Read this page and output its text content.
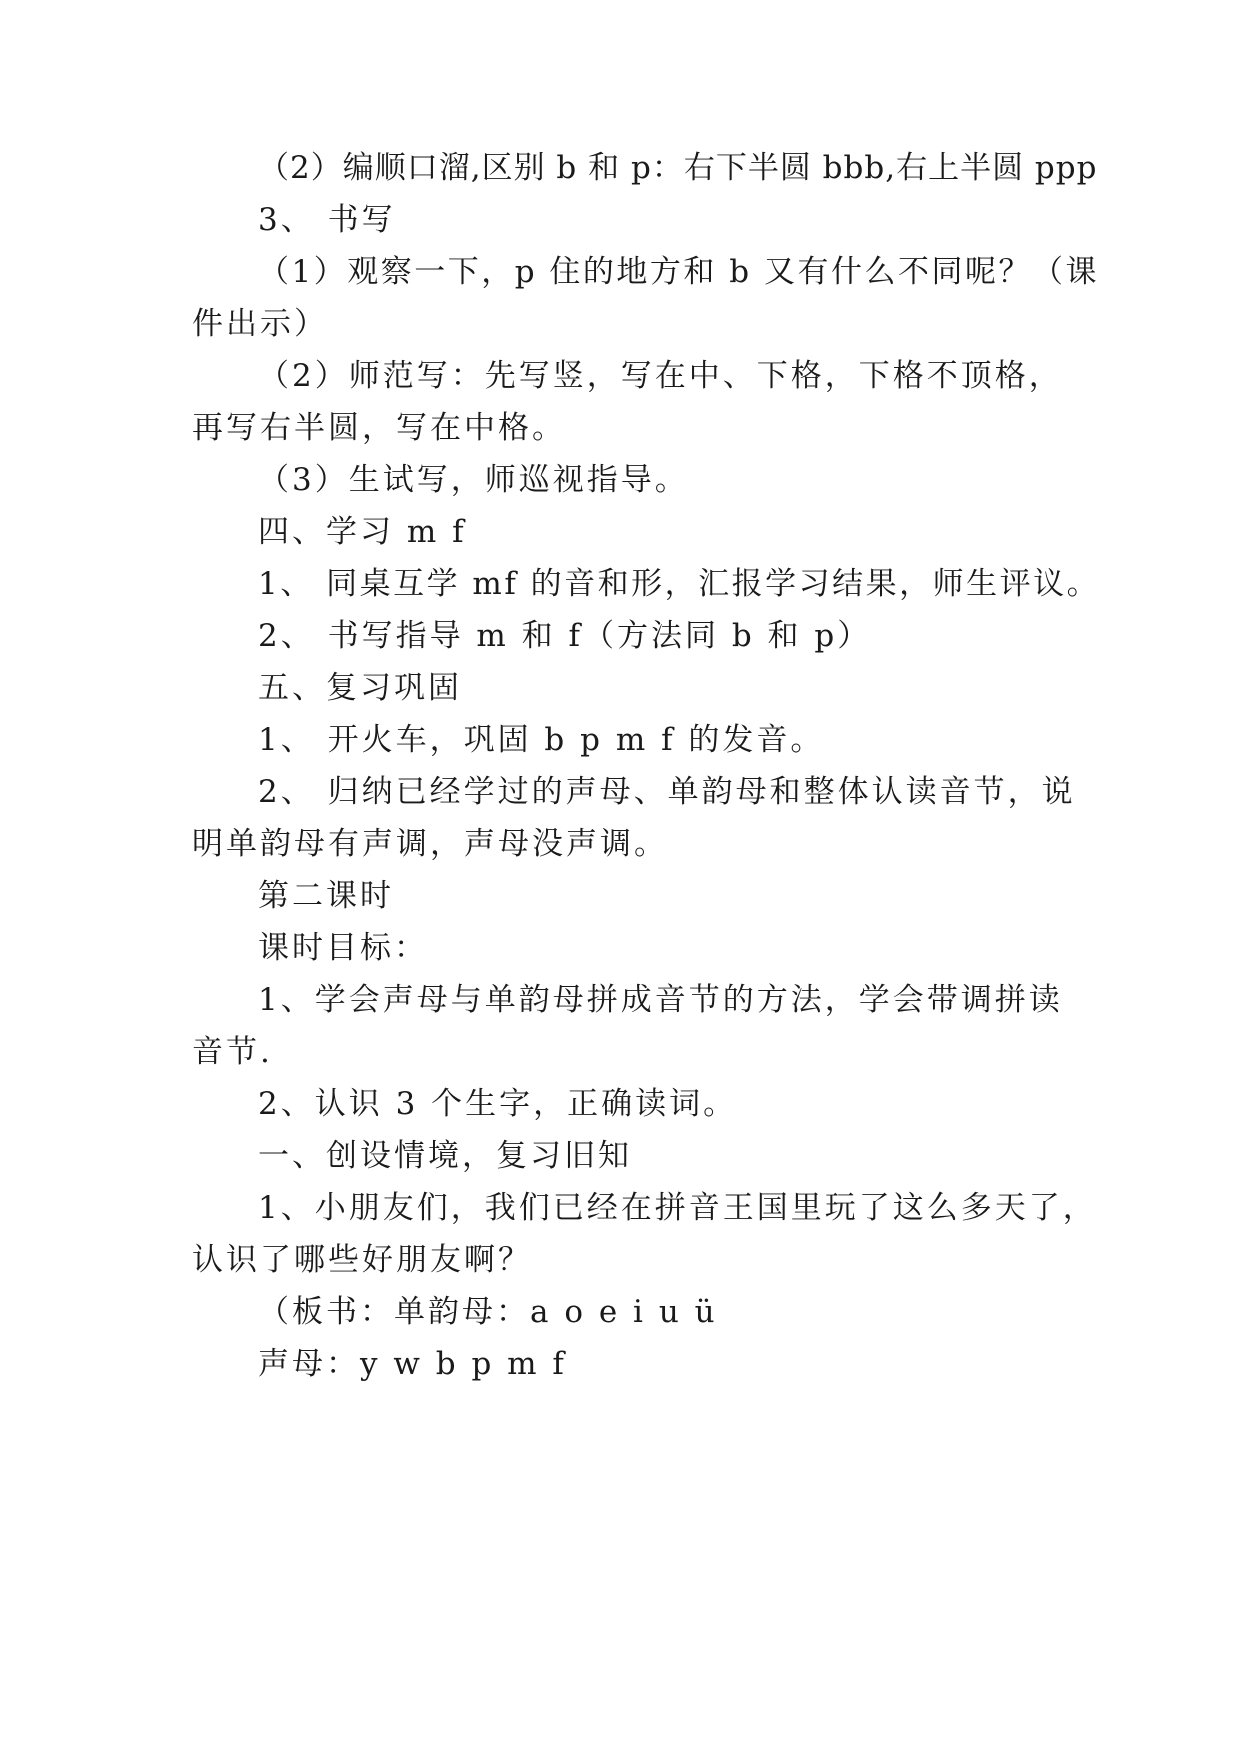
（2）编顺口溜,区别 b 和 p：右下半圆 bbb,右上半圆 ppp
3、 书写
（1）观察一下，p 住的地方和 b 又有什么不同呢？（课
件出示）
（2）师范写：先写竖，写在中、下格，下格不顶格，
再写右半圆，写在中格。
（3）生试写，师巡视指导。
四、学习 m f
1、 同桌互学 mf 的音和形，汇报学习结果，师生评议。
2、 书写指导 m 和 f（方法同 b 和 p）
五、复习巩固
1、 开火车，巩固 b p m f 的发音。
2、 归纳已经学过的声母、单韵母和整体认读音节，说
明单韵母有声调，声母没声调。
第二课时
课时目标：
1、学会声母与单韵母拼成音节的方法，学会带调拼读
音节.
2、认识 3 个生字，正确读词。
一、创设情境，复习旧知
1、小朋友们，我们已经在拼音王国里玩了这么多天了，
认识了哪些好朋友啊？
（板书：单韵母：a o e i u ü
声母：y w b p m f
